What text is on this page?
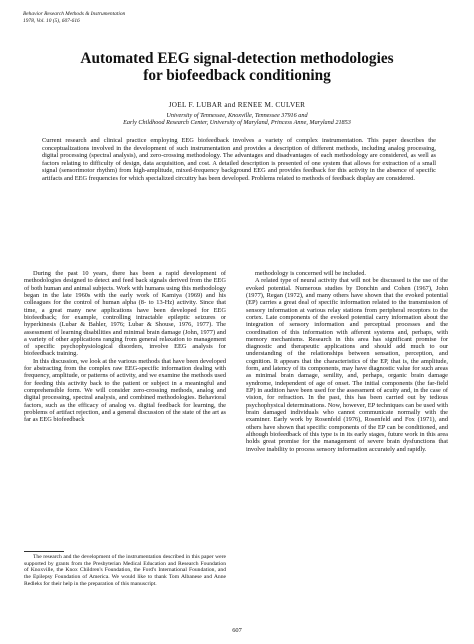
Behavior Research Methods & Instrumentation
1978, Vol. 10 (5), 607-616
Automated EEG signal-detection methodologies
for biofeedback conditioning
JOEL F. LUBAR and RENEE M. CULVER
University of Tennessee, Knoxville, Tennessee 37916 and
Early Childhood Research Center, University of Maryland, Princess Anne, Maryland 21853

Current research and clinical practice employing EEG biofeedback involves a variety of complex instrumentation. This paper describes the conceptualizations involved in the development of such instrumentation and provides a description of different methods, including analog processing, digital processing (spectral analysis), and zero-crossing methodology. The advantages and disadvantages of each methodology are considered, as well as factors relating to difficulty of design, data acquisition, and cost. A detailed description is presented of one system that allows for extraction of a small signal (sensorimotor rhythm) from high-amplitude, mixed-frequency background EEG and provides feedback for this activity in the absence of specific artifacts and EEG frequencies for which specialized circuitry has been developed. Problems related to methods of feedback display are considered.

During the past 10 years, there has been a rapid development of methodologies designed to detect and feed back signals derived from the EEG of both human and animal subjects. Work with humans using this methodology began in the late 1960s with the early work of Kamiya (1969) and his colleagues for the control of human alpha (8- to 13-Hz) activity. Since that time, a great many new applications have been developed for EEG biofeedback; for example, controlling intractable epileptic seizures or hyperkinesis (Lubar & Bahler, 1976; Lubar & Shouse, 1976, 1977). The assessment of learning disabilities and minimal brain damage (John, 1977) and a variety of other applications ranging from general relaxation to management of specific psychophysiological disorders, involve EEG analysis for biofeedback training.

In this discussion, we look at the various methods that have been developed for abstracting from the complex raw EEG-specific information dealing with frequency, amplitude, or patterns of activity, and we examine the methods used for feeding this activity back to the patient or subject in a meaningful and comprehensible form. We will consider zero-crossing methods, analog and digital processing, spectral analysis, and combined methodologies. Behavioral factors, such as the efficacy of analog vs. digital feedback for learning, the problems of artifact rejection, and a general discussion of the state of the art as far as EEG biofeedback

The research and the development of the instrumentation described in this paper were supported by grants from the Presbyterian Medical Education and Research Foundation of Knoxville, the Knox Children's Foundation, the Ford's International Foundation, and the Epilepsy Foundation of America. We would like to thank Tom Albanese and Anne Redleks for their help in the preparation of this manuscript.

methodology is concerned will be included.

A related type of neural activity that will not be discussed is the use of the evoked potential. Numerous studies by Donchin and Cohen (1967), John (1977), Regan (1972), and many others have shown that the evoked potential (EP) carries a great deal of specific information related to the transmission of sensory information at various relay stations from peripheral receptors to the cortex. Late components of the evoked potential carry information about the integration of sensory information and perceptual processes and the coordination of this information with afferent systems and, perhaps, with memory mechanisms. Research in this area has significant promise for diagnostic and therapeutic applications and should add much to our understanding of the relationships between sensation, perception, and cognition. It appears that the characteristics of the EP, that is, the amplitude, form, and latency of its components, may have diagnostic value for such areas as minimal brain damage, senility, and, perhaps, organic brain damage syndrome, independent of age of onset. The initial components (the far-field EP) in audition have been used for the assessment of acuity and, in the case of vision, for refraction. In the past, this has been carried out by tedious psychophysical determinations. Now, however, EP techniques can be used with brain damaged individuals who cannot communicate normally with the examiner. Early work by Rosenfeld (1976), Rosenfeld and Fox (1971), and others have shown that specific components of the EP can be conditioned, and although biofeedback of this type is in its early stages, future work in this area holds great promise for the management of severe brain dysfunctions that involve inability to process sensory information accurately and rapidly.

607
